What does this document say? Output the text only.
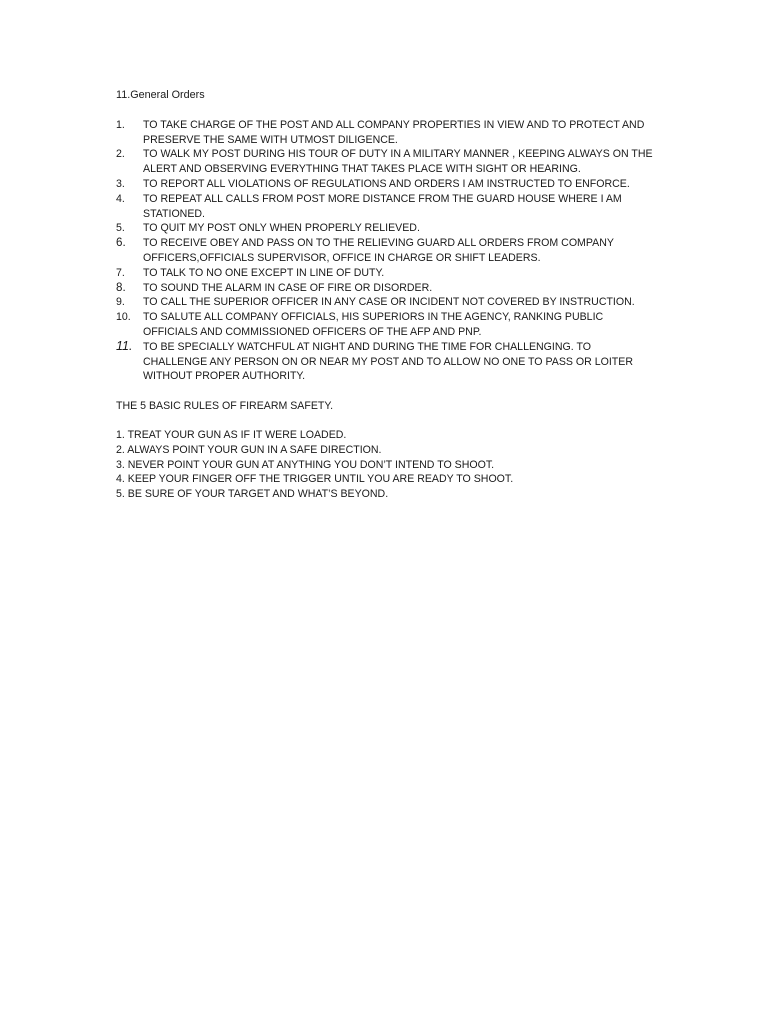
11.General Orders
1. TO TAKE CHARGE OF THE POST AND ALL COMPANY PROPERTIES IN VIEW AND TO PROTECT AND PRESERVE THE SAME WITH UTMOST DILIGENCE.
2. TO WALK MY POST DURING HIS TOUR OF DUTY IN A MILITARY MANNER , KEEPING ALWAYS ON THE ALERT AND OBSERVING EVERYTHING THAT TAKES PLACE WITH SIGHT OR HEARING.
3. TO REPORT ALL VIOLATIONS OF REGULATIONS AND ORDERS I AM INSTRUCTED TO ENFORCE.
4. TO REPEAT ALL CALLS FROM POST MORE DISTANCE FROM THE GUARD HOUSE WHERE I AM STATIONED.
5. TO QUIT MY POST ONLY WHEN PROPERLY RELIEVED.
6. TO RECEIVE OBEY AND PASS ON TO THE RELIEVING GUARD ALL ORDERS FROM COMPANY OFFICERS,OFFICIALS SUPERVISOR, OFFICE IN CHARGE OR SHIFT LEADERS.
7. TO TALK TO NO ONE EXCEPT IN LINE OF DUTY.
8. TO SOUND THE ALARM IN CASE OF FIRE OR DISORDER.
9. TO CALL THE SUPERIOR OFFICER IN ANY CASE OR INCIDENT NOT COVERED BY INSTRUCTION.
10. TO SALUTE ALL COMPANY OFFICIALS, HIS SUPERIORS IN THE AGENCY, RANKING PUBLIC OFFICIALS AND COMMISSIONED OFFICERS OF THE AFP AND PNP.
11. TO BE SPECIALLY WATCHFUL AT NIGHT AND DURING THE TIME FOR CHALLENGING. TO CHALLENGE ANY PERSON ON OR NEAR MY POST AND TO ALLOW NO ONE TO PASS OR LOITER WITHOUT PROPER AUTHORITY.
THE 5 BASIC RULES OF FIREARM SAFETY.
1. TREAT YOUR GUN AS IF IT WERE LOADED.
2. ALWAYS POINT YOUR GUN IN A SAFE DIRECTION.
3. NEVER POINT YOUR GUN AT ANYTHING YOU DON’T INTEND TO SHOOT.
4. KEEP YOUR FINGER OFF THE TRIGGER UNTIL YOU ARE READY TO SHOOT.
5. BE SURE OF YOUR TARGET AND WHAT’S BEYOND.
